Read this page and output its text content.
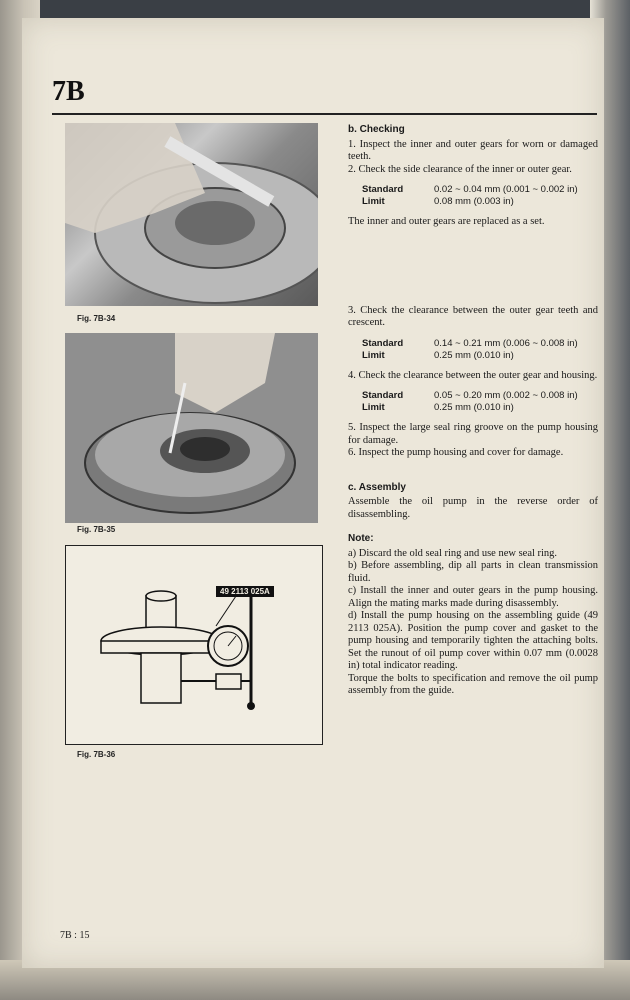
7B
Fig. 7B-34
Fig. 7B-35
49 2113 025A
Fig. 7B-36
b. Checking

1. Inspect the inner and outer gears for worn or damaged teeth.

2. Check the side clearance of the inner or outer gear.

Standard	0.02 ~ 0.04 mm (0.001 ~ 0.002 in)
Limit	0.08 mm (0.003 in)

The inner and outer gears are replaced as a set.

3. Check the clearance between the outer gear teeth and crescent.

Standard	0.14 ~ 0.21 mm (0.006 ~ 0.008 in)
Limit	0.25 mm (0.010 in)

4. Check the clearance between the outer gear and housing.

Standard	0.05 ~ 0.20 mm (0.002 ~ 0.008 in)
Limit	0.25 mm (0.010 in)

5. Inspect the large seal ring groove on the pump housing for damage.

6. Inspect the pump housing and cover for damage.

c. Assembly

Assemble the oil pump in the reverse order of disassembling.

Note:

a) Discard the old seal ring and use new seal ring.

b) Before assembling, dip all parts in clean transmission fluid.

c) Install the inner and outer gears in the pump housing. Align the mating marks made during disassembly.

d) Install the pump housing on the assembling guide (49 2113 025A). Position the pump cover and gasket to the pump housing and temporarily tighten the attaching bolts. Set the runout of oil pump cover within 0.07 mm (0.0028 in) total indicator reading.

Torque the bolts to specification and remove the oil pump assembly from the guide.

7B : 15
